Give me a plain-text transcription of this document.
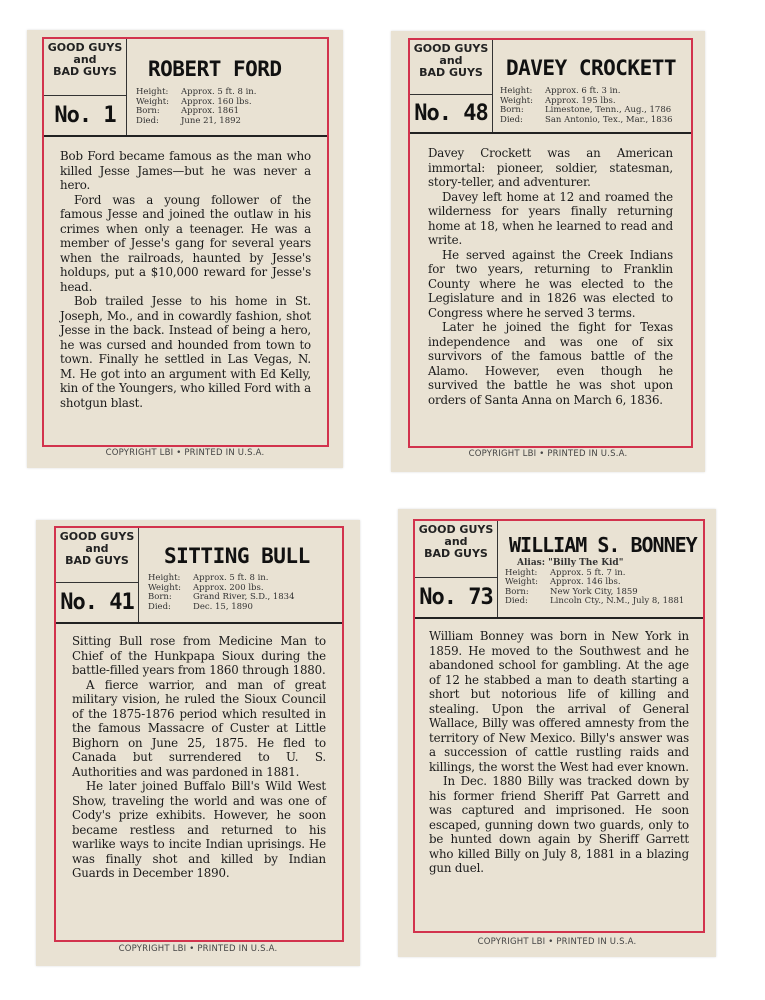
GOOD GUYS
and
BAD GUYS
No. 1
ROBERT FORD
Height:	Approx. 5 ft. 8 in.
Weight:	Approx. 160 lbs.
Born:	Approx. 1861
Died:	June 21, 1892

Bob Ford became famous as the man who killed Jesse James—but he was never a hero.

Ford was a young follower of the famous Jesse and joined the outlaw in his crimes when only a teenager. He was a member of Jesse's gang for several years when the railroads, haunted by Jesse's holdups, put a $10,000 reward for Jesse's head.

Bob trailed Jesse to his home in St. Joseph, Mo., and in cowardly fashion, shot Jesse in the back. Instead of being a hero, he was cursed and hounded from town to town. Finally he settled in Las Vegas, N. M. He got into an argument with Ed Kelly, kin of the Youngers, who killed Ford with a shotgun blast.

COPYRIGHT LBI • PRINTED IN U.S.A.
GOOD GUYS
and
BAD GUYS
No. 48
DAVEY CROCKETT
Height:	Approx. 6 ft. 3 in.
Weight:	Approx. 195 lbs.
Born:	Limestone, Tenn., Aug., 1786
Died:	San Antonio, Tex., Mar., 1836

Davey Crockett was an American immortal: pioneer, soldier, statesman, story-teller, and adventurer.

Davey left home at 12 and roamed the wilderness for years finally returning home at 18, when he learned to read and write.

He served against the Creek Indians for two years, returning to Franklin County where he was elected to the Legislature and in 1826 was elected to Congress where he served 3 terms.

Later he joined the fight for Texas independence and was one of six survivors of the famous battle of the Alamo. However, even though he survived the battle he was shot upon orders of Santa Anna on March 6, 1836.

COPYRIGHT LBI • PRINTED IN U.S.A.
GOOD GUYS
and
BAD GUYS
No. 41
SITTING BULL
Height:	Approx. 5 ft. 8 in.
Weight:	Approx. 200 lbs.
Born:	Grand River, S.D., 1834
Died:	Dec. 15, 1890

Sitting Bull rose from Medicine Man to Chief of the Hunkpapa Sioux during the battle-filled years from 1860 through 1880.

A fierce warrior, and man of great military vision, he ruled the Sioux Council of the 1875-1876 period which resulted in the famous Massacre of Custer at Little Bighorn on June 25, 1875. He fled to Canada but surrendered to U. S. Authorities and was pardoned in 1881.

He later joined Buffalo Bill's Wild West Show, traveling the world and was one of Cody's prize exhibits. However, he soon became restless and returned to his warlike ways to incite Indian uprisings. He was finally shot and killed by Indian Guards in December 1890.

COPYRIGHT LBI • PRINTED IN U.S.A.
GOOD GUYS
and
BAD GUYS
No. 73
WILLIAM S. BONNEY
Alias: "Billy The Kid"
Height:	Approx. 5 ft. 7 in.
Weight:	Approx. 146 lbs.
Born:	New York City, 1859
Died:	Lincoln Cty., N.M., July 8, 1881

William Bonney was born in New York in 1859. He moved to the Southwest and he abandoned school for gambling. At the age of 12 he stabbed a man to death starting a short but notorious life of killing and stealing. Upon the arrival of General Wallace, Billy was offered amnesty from the territory of New Mexico. Billy's answer was a succession of cattle rustling raids and killings, the worst the West had ever known.

In Dec. 1880 Billy was tracked down by his former friend Sheriff Pat Garrett and was captured and imprisoned. He soon escaped, gunning down two guards, only to be hunted down again by Sheriff Garrett who killed Billy on July 8, 1881 in a blazing gun duel.

COPYRIGHT LBI • PRINTED IN U.S.A.
